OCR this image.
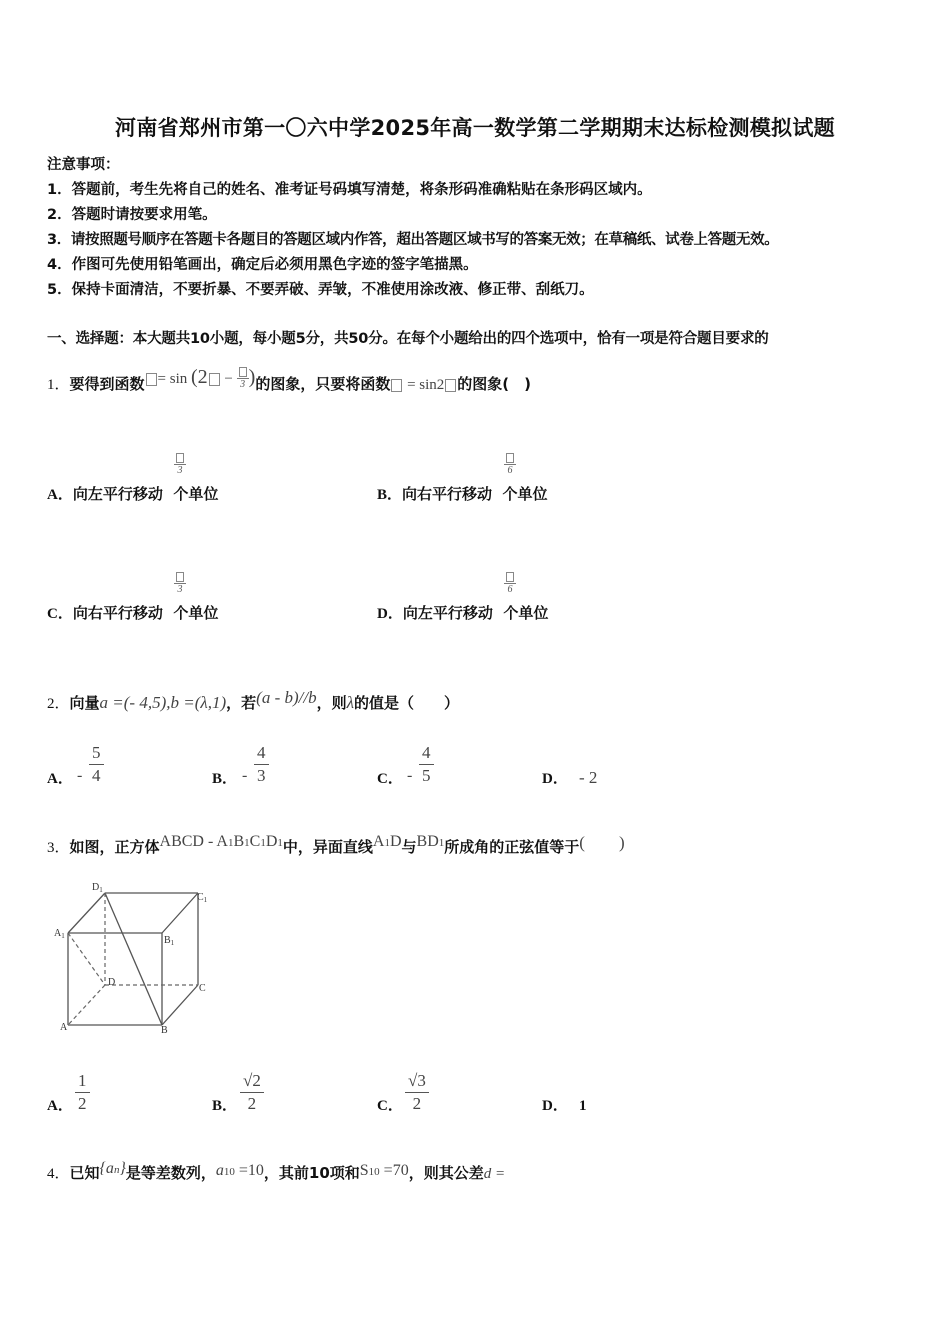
河南省郑州市第一〇六中学2025年高一数学第二学期期末达标检测模拟试题
注意事项：
1．答题前，考生先将自己的姓名、准考证号码填写清楚，将条形码准确粘贴在条形码区域内。
2．答题时请按要求用笔。
3．请按照题号顺序在答题卡各题目的答题区域内作答，超出答题区域书写的答案无效；在草稿纸、试卷上答题无效。
4．作图可先使用铅笔画出，确定后必须用黑色字迹的签字笔描黑。
5．保持卡面清洁，不要折暴、不要弄破、弄皱，不准使用涂改液、修正带、刮纸刀。
一、选择题：本大题共10小题，每小题5分，共50分。在每个小题给出的四个选项中，恰有一项是符合题目要求的
1．要得到函数 = sin (2 − 3 )的图象，只要将函数 = sin2 的图象(　)
3
A．向左平行移动 个单位
6
B．向右平行移动 个单位
3
C．向右平行移动 个单位
6
D．向左平行移动 个单位
2．向量a =(- 4,5),b =(λ,1)，若(a - b)//b，则λ的值是（　　）
A． - $\frac{5}{4}$	B． - $\frac{4}{3}$	C． - $\frac{4}{5}$	D． - 2
3．如图，正方体ABCD - A1B1C1D1中，异面直线A1D与BD1所成角的正弦值等于(　　)
$D_1$
$C_1$
$A_1$	$B_1$
D
C
A	B
A． $\frac{1}{2}$	B． $\frac{√2}{2}$	C． $\frac{√3}{2}$	D． 1
4．已知{an}是等差数列，a10 =10，其前10项和S10 =70，则其公差d =
